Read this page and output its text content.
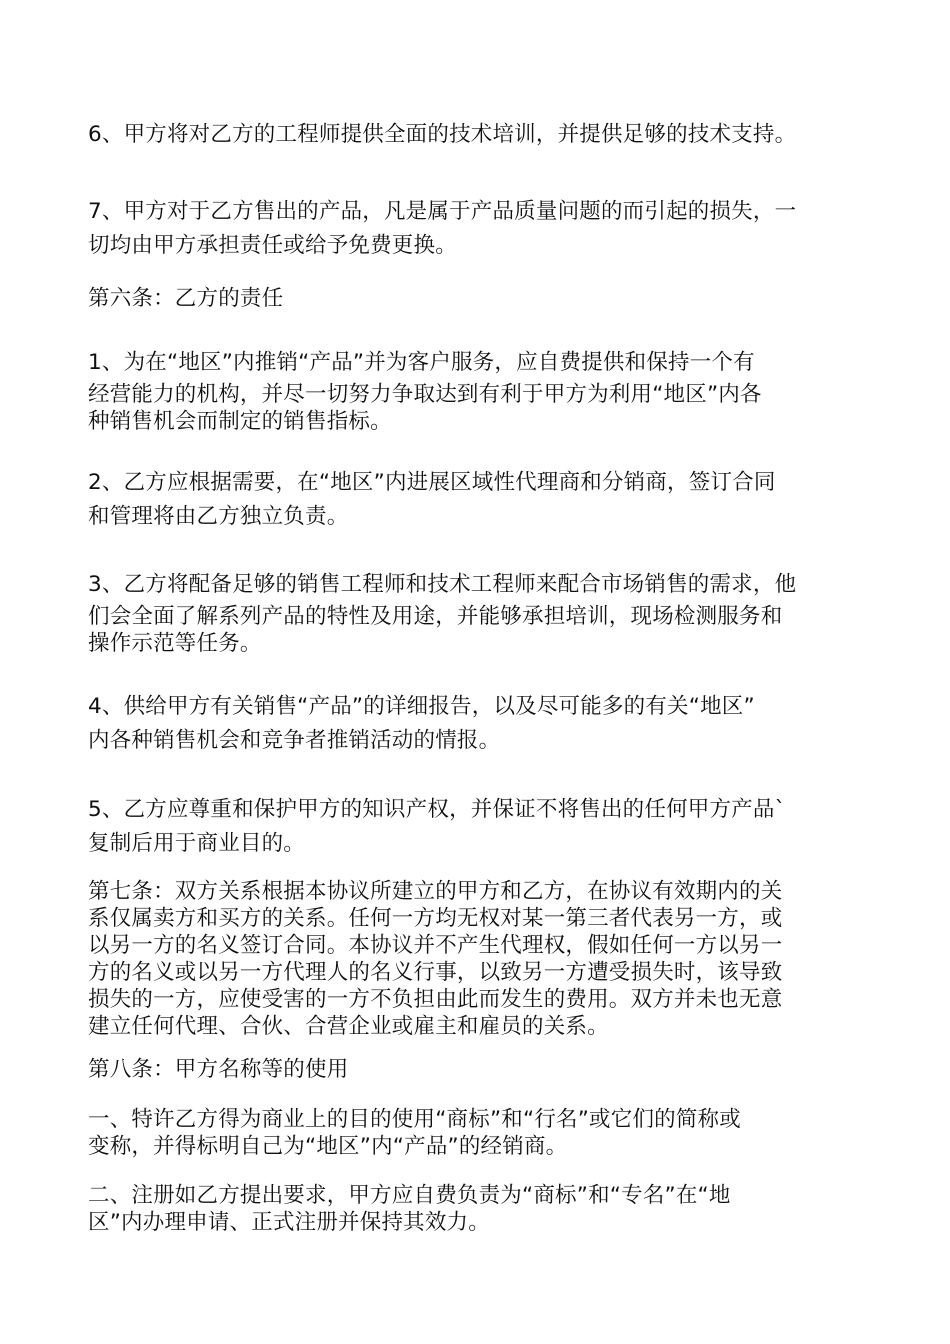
6、甲方将对乙方的工程师提供全面的技术培训，并提供足够的技术支持。

7、甲方对于乙方售出的产品，凡是属于产品质量问题的而引起的损失，一
切均由甲方承担责任或给予免费更换。

第六条：乙方的责任

1、为在“地区”内推销“产品”并为客户服务，应自费提供和保持一个有
经营能力的机构，并尽一切努力争取达到有利于甲方为利用“地区”内各
种销售机会而制定的销售指标。

2、乙方应根据需要，在“地区”内进展区域性代理商和分销商，签订合同
和管理将由乙方独立负责。

3、乙方将配备足够的销售工程师和技术工程师来配合市场销售的需求，他
们会全面了解系列产品的特性及用途，并能够承担培训，现场检测服务和
操作示范等任务。

4、供给甲方有关销售“产品”的详细报告，以及尽可能多的有关“地区”
内各种销售机会和竞争者推销活动的情报。

5、乙方应尊重和保护甲方的知识产权，并保证不将售出的任何甲方产品`
复制后用于商业目的。

第七条：双方关系根据本协议所建立的甲方和乙方，在协议有效期内的关
系仅属卖方和买方的关系。任何一方均无权对某一第三者代表另一方，或
以另一方的名义签订合同。本协议并不产生代理权，假如任何一方以另一
方的名义或以另一方代理人的名义行事，以致另一方遭受损失时，该导致
损失的一方，应使受害的一方不负担由此而发生的费用。双方并未也无意
建立任何代理、合伙、合营企业或雇主和雇员的关系。

第八条：甲方名称等的使用

一、特许乙方得为商业上的目的使用“商标”和“行名”或它们的简称或
变称，并得标明自己为“地区”内“产品”的经销商。

二、注册如乙方提出要求，甲方应自费负责为“商标”和“专名”在“地
区”内办理申请、正式注册并保持其效力。
